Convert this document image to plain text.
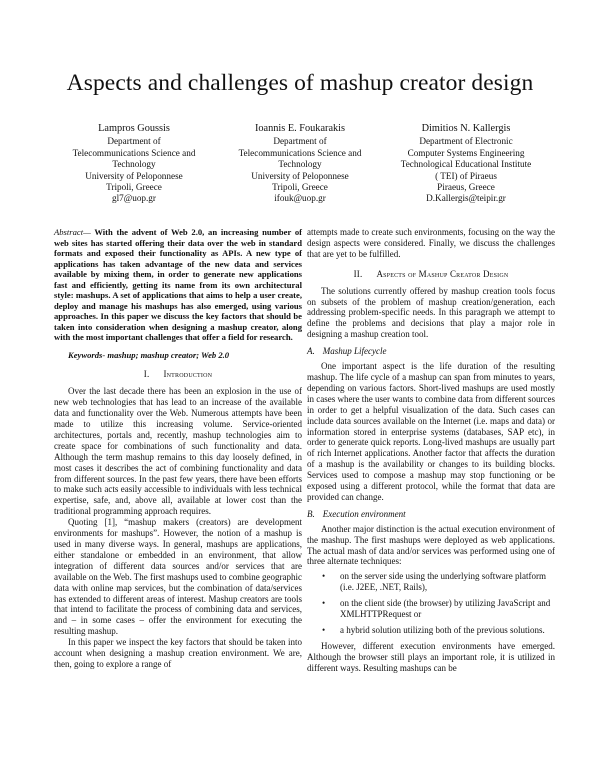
Aspects and challenges of mashup creator design
Lampros Goussis
Department of
Telecommunications Science and
Technology
University of Peloponnese
Tripoli, Greece
gl7@uop.gr
Ioannis E. Foukarakis
Department of
Telecommunications Science and
Technology
University of Peloponnese
Tripoli, Greece
ifouk@uop.gr
Dimitios N. Kallergis
Department of Electronic
Computer Systems Engineering
Technological Educational Institute
( TEI) of Piraeus
Piraeus, Greece
D.Kallergis@teipir.gr

Abstract— With the advent of Web 2.0, an increasing number of web sites has started offering their data over the web in standard formats and exposed their functionality as APIs. A new type of applications has taken advantage of the new data and services available by mixing them, in order to generate new applications fast and efficiently, getting its name from its own architectural style: mashups. A set of applications that aims to help a user create, deploy and manage his mashups has also emerged, using various approaches. In this paper we discuss the key factors that should be taken into consideration when designing a mashup creator, along with the most important challenges that offer a field for research.

Keywords- mashup; mashup creator; Web 2.0

I. Introduction

Over the last decade there has been an explosion in the use of new web technologies that has lead to an increase of the available data and functionality over the Web. Numerous attempts have been made to utilize this increasing volume. Service-oriented architectures, portals and, recently, mashup technologies aim to create space for combinations of such functionality and data. Although the term mashup remains to this day loosely defined, in most cases it describes the act of combining functionality and data from different sources. In the past few years, there have been efforts to make such acts easily accessible to individuals with less technical expertise, safe, and, above all, available at lower cost than the traditional programming approach requires.

Quoting [1], “mashup makers (creators) are development environments for mashups”. However, the notion of a mashup is used in many diverse ways. In general, mashups are applications, either standalone or embedded in an environment, that allow integration of different data sources and/or services that are available on the Web. The first mashups used to combine geographic data with online map services, but the combination of data/services has extended to different areas of interest. Mashup creators are tools that intend to facilitate the process of combining data and services, and – in some cases – offer the environment for executing the resulting mashup.

In this paper we inspect the key factors that should be taken into account when designing a mashup creation environment. We are, then, going to explore a range of

attempts made to create such environments, focusing on the way the design aspects were considered. Finally, we discuss the challenges that are yet to be fulfilled.

II. Aspects of Mashup Creator Design

The solutions currently offered by mashup creation tools focus on subsets of the problem of mashup creation/generation, each addressing problem-specific needs. In this paragraph we attempt to define the problems and decisions that play a major role in designing a mashup creation tool.

A. Mashup Lifecycle

One important aspect is the life duration of the resulting mashup. The life cycle of a mashup can span from minutes to years, depending on various factors. Short-lived mashups are used mostly in cases where the user wants to combine data from different sources in order to get a helpful visualization of the data. Such cases can include data sources available on the Internet (i.e. maps and data) or information stored in enterprise systems (databases, SAP etc), in order to generate quick reports. Long-lived mashups are usually part of rich Internet applications. Another factor that affects the duration of a mashup is the availability or changes to its building blocks. Services used to compose a mashup may stop functioning or be exposed using a different protocol, while the format that data are provided can change.

B. Execution environment

Another major distinction is the actual execution environment of the mashup. The first mashups were deployed as web applications. The actual mash of data and/or services was performed using one of three alternate techniques:

• on the server side using the underlying software platform (i.e. J2EE, .NET, Rails),
• on the client side (the browser) by utilizing JavaScript and XMLHTTPRequest or
• a hybrid solution utilizing both of the previous solutions.

However, different execution environments have emerged. Although the browser still plays an important role, it is utilized in different ways. Resulting mashups can be
